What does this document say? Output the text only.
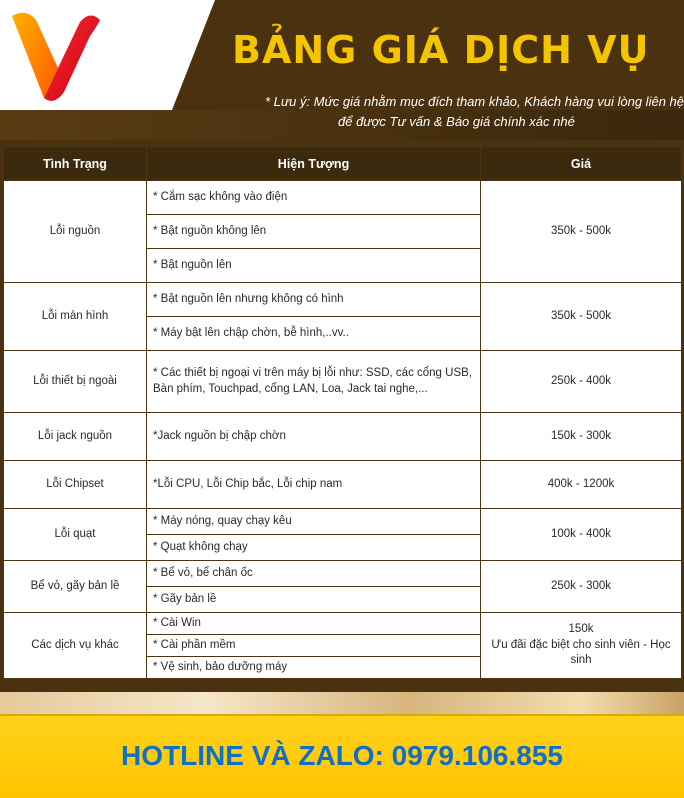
BẢNG GIÁ DỊCH VỤ
* Lưu ý: Mức giá nhằm mục đích tham khảo, Khách hàng vui lòng liên hệ
để được Tư vấn & Báo giá chính xác nhé
Tình Trạng	Hiện Tượng	Giá
Lỗi nguồn	* Cắm sạc không vào điện	350k - 500k
	* Bật nguồn không lên	
	* Bật nguồn lên	
Lỗi màn hình	* Bật nguồn lên nhưng không có hình	350k - 500k
	* Máy bật lên chập chờn, bễ hình,..vv..	
Lỗi thiết bị ngoài	* Các thiết bị ngoại vi trên máy bị lỗi như: SSD, các cổng USB, Bàn phím, Touchpad, cổng LAN, Loa, Jack tai nghe,...	250k - 400k
Lỗi jack nguồn	*Jack nguồn bị chập chờn	150k - 300k
Lỗi Chipset	*Lỗi CPU, Lỗi Chip bắc, Lỗi chip nam	400k - 1200k
Lỗi quạt	* Máy nóng, quay chạy kêu	100k - 400k
	* Quạt không chạy	
Bể vỏ, gãy bản lề	* Bể vỏ, bể chân ốc	250k - 300k
	* Gãy bản lề	
Các dịch vụ khác	* Cài Win	150k
Ưu đãi đặc biệt cho sinh viên - Học sinh

	* Cài phần mềm	
	* Vệ sinh, bảo dưỡng máy	
HOTLINE VÀ ZALO: 0979.106.855
